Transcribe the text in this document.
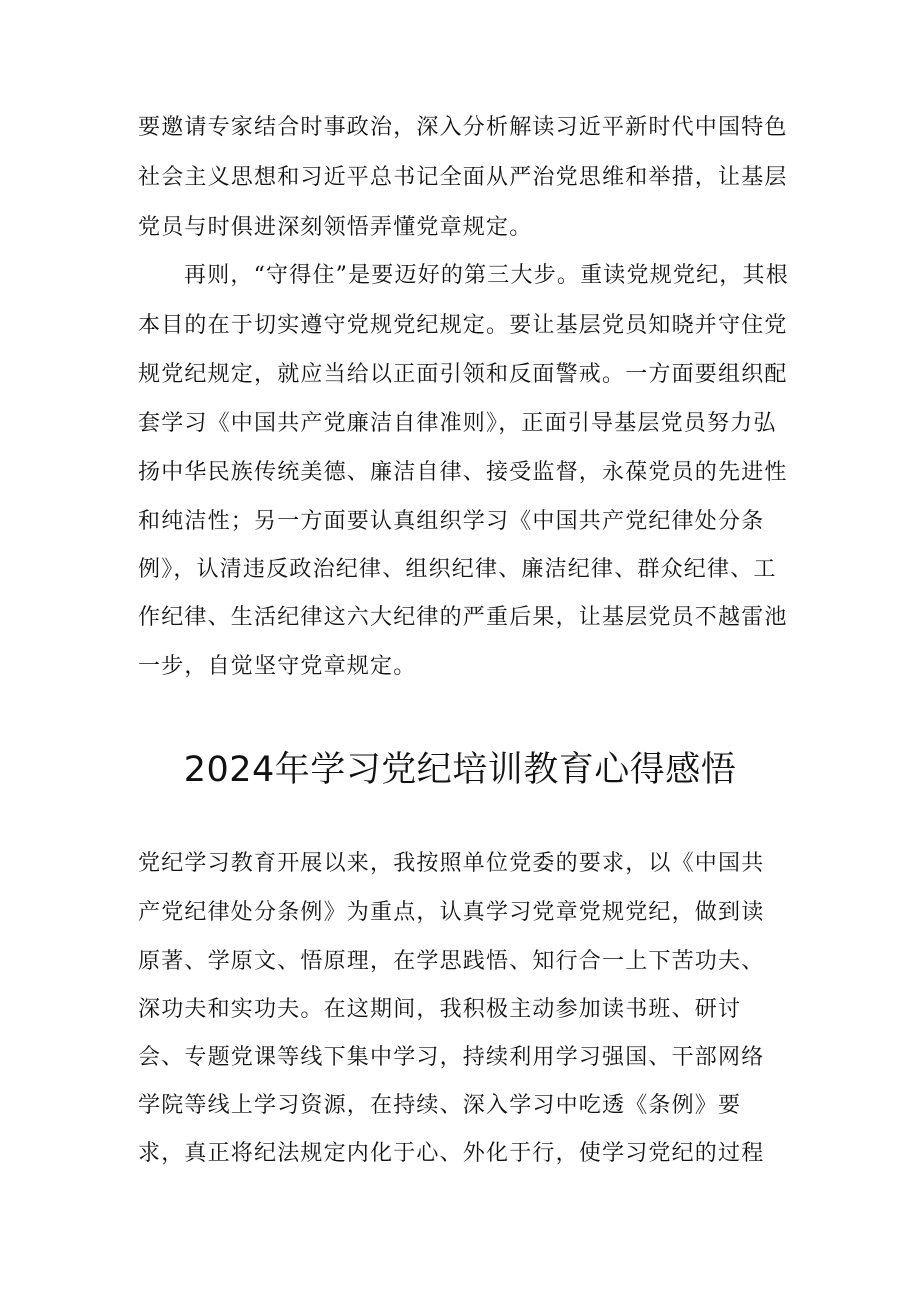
要邀请专家结合时事政治，深入分析解读习近平新时代中国特色
社会主义思想和习近平总书记全面从严治党思维和举措，让基层
党员与时俱进深刻领悟弄懂党章规定。
再则，“守得住”是要迈好的第三大步。重读党规党纪，其根
本目的在于切实遵守党规党纪规定。要让基层党员知晓并守住党
规党纪规定，就应当给以正面引领和反面警戒。一方面要组织配
套学习《中国共产党廉洁自律准则》，正面引导基层党员努力弘
扬中华民族传统美德、廉洁自律、接受监督，永葆党员的先进性
和纯洁性；另一方面要认真组织学习《中国共产党纪律处分条
例》，认清违反政治纪律、组织纪律、廉洁纪律、群众纪律、工
作纪律、生活纪律这六大纪律的严重后果，让基层党员不越雷池
一步，自觉坚守党章规定。
2024年学习党纪培训教育心得感悟
党纪学习教育开展以来，我按照单位党委的要求，以《中国共
产党纪律处分条例》为重点，认真学习党章党规党纪，做到读
原著、学原文、悟原理，在学思践悟、知行合一上下苦功夫、
深功夫和实功夫。在这期间，我积极主动参加读书班、研讨
会、专题党课等线下集中学习，持续利用学习强国、干部网络
学院等线上学习资源，在持续、深入学习中吃透《条例》要
求，真正将纪法规定内化于心、外化于行，使学习党纪的过程
